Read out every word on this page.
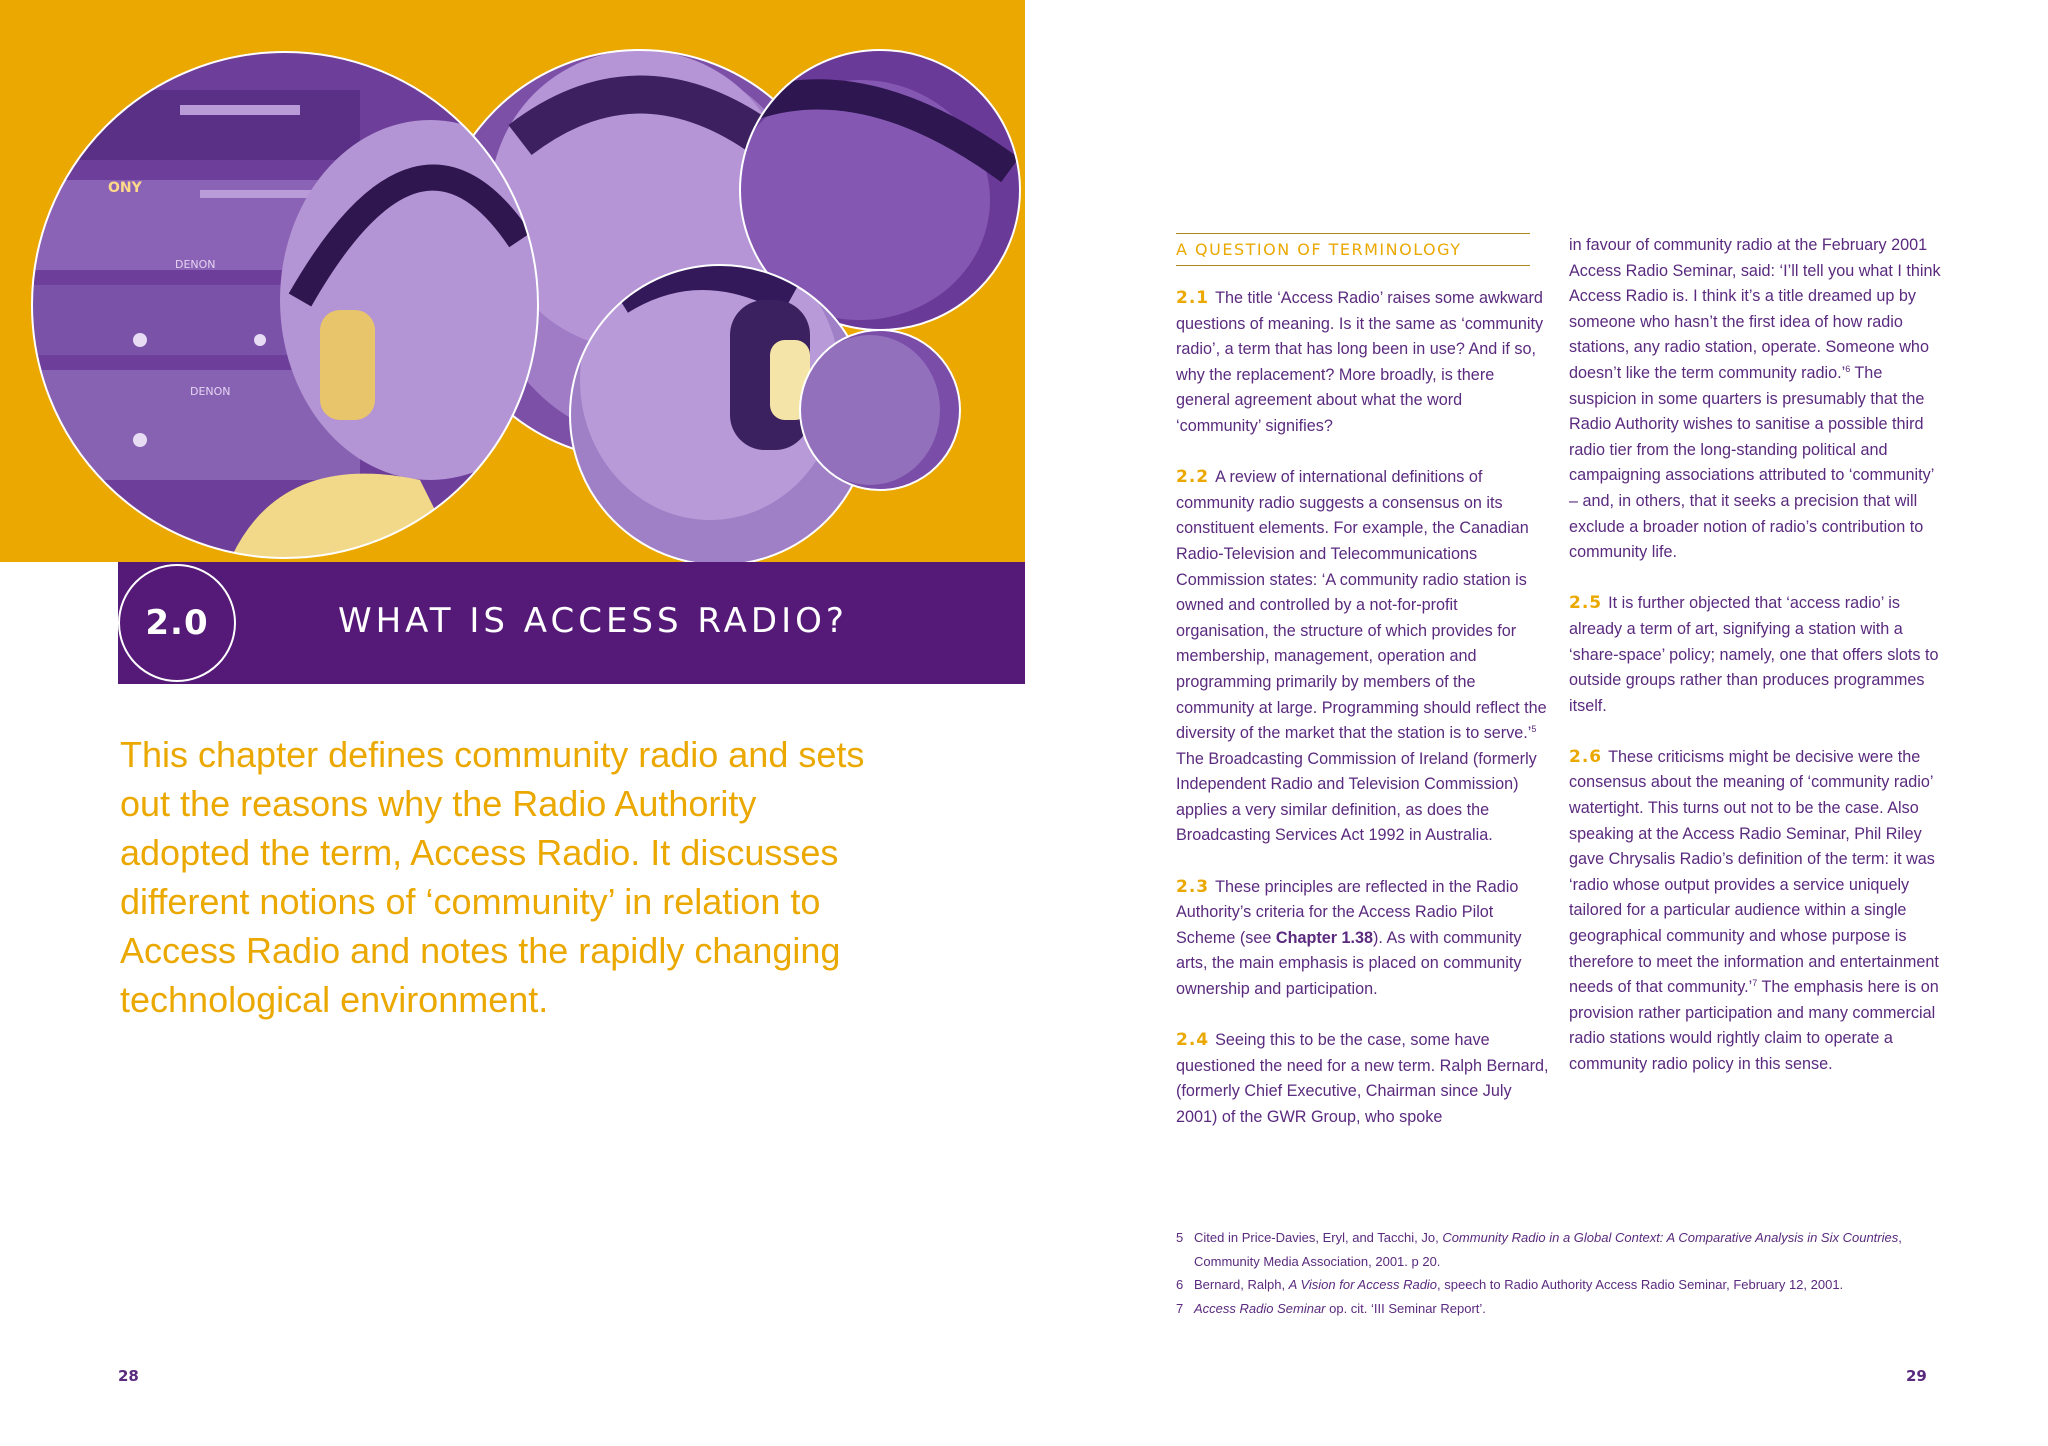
ONY
DENON
DENON
2.0	WHAT IS ACCESS RADIO?
This chapter defines community radio and sets out the reasons why the Radio Authority adopted the term, Access Radio. It discusses different notions of ‘community’ in relation to Access Radio and notes the rapidly changing technological environment.
A QUESTION OF TERMINOLOGY

2.1 The title ‘Access Radio’ raises some awkward questions of meaning. Is it the same as ‘community radio’, a term that has long been in use? And if so, why the replacement? More broadly, is there general agreement about what the word ‘community’ signifies?

2.2 A review of international definitions of community radio suggests a consensus on its constituent elements. For example, the Canadian Radio-Television and Telecommunications Commission states: ‘A community radio station is owned and controlled by a not-for-profit organisation, the structure of which provides for membership, management, operation and programming primarily by members of the community at large. Programming should reflect the diversity of the market that the station is to serve.’$^5$ The Broadcasting Commission of Ireland (formerly Independent Radio and Television Commission) applies a very similar definition, as does the Broadcasting Services Act 1992 in Australia.

2.3 These principles are reflected in the Radio Authority’s criteria for the Access Radio Pilot Scheme (see Chapter 1.38). As with community arts, the main emphasis is placed on community ownership and participation.

2.4 Seeing this to be the case, some have questioned the need for a new term. Ralph Bernard, (formerly Chief Executive, Chairman since July 2001) of the GWR Group, who spoke

in favour of community radio at the February 2001 Access Radio Seminar, said: ‘I’ll tell you what I think Access Radio is. I think it’s a title dreamed up by someone who hasn’t the first idea of how radio stations, any radio station, operate. Someone who doesn’t like the term community radio.’$^6$ The suspicion in some quarters is presumably that the Radio Authority wishes to sanitise a possible third radio tier from the long-standing political and campaigning associations attributed to ‘community’ – and, in others, that it seeks a precision that will exclude a broader notion of radio’s contribution to community life.

2.5 It is further objected that ‘access radio’ is already a term of art, signifying a station with a ‘share-space’ policy; namely, one that offers slots to outside groups rather than produces programmes itself.

2.6 These criticisms might be decisive were the consensus about the meaning of ‘community radio’ watertight. This turns out not to be the case. Also speaking at the Access Radio Seminar, Phil Riley gave Chrysalis Radio’s definition of the term: it was ‘radio whose output provides a service uniquely tailored for a particular audience within a single geographical community and whose purpose is therefore to meet the information and entertainment needs of that community.’$^7$ The emphasis here is on provision rather participation and many commercial radio stations would rightly claim to operate a community radio policy in this sense.

5 Cited in Price-Davies, Eryl, and Tacchi, Jo, Community Radio in a Global Context: A Comparative Analysis in Six Countries, Community Media Association, 2001. p 20.
6 Bernard, Ralph, A Vision for Access Radio, speech to Radio Authority Access Radio Seminar, February 12, 2001.
7 Access Radio Seminar op. cit. ‘III Seminar Report’.
28	29
